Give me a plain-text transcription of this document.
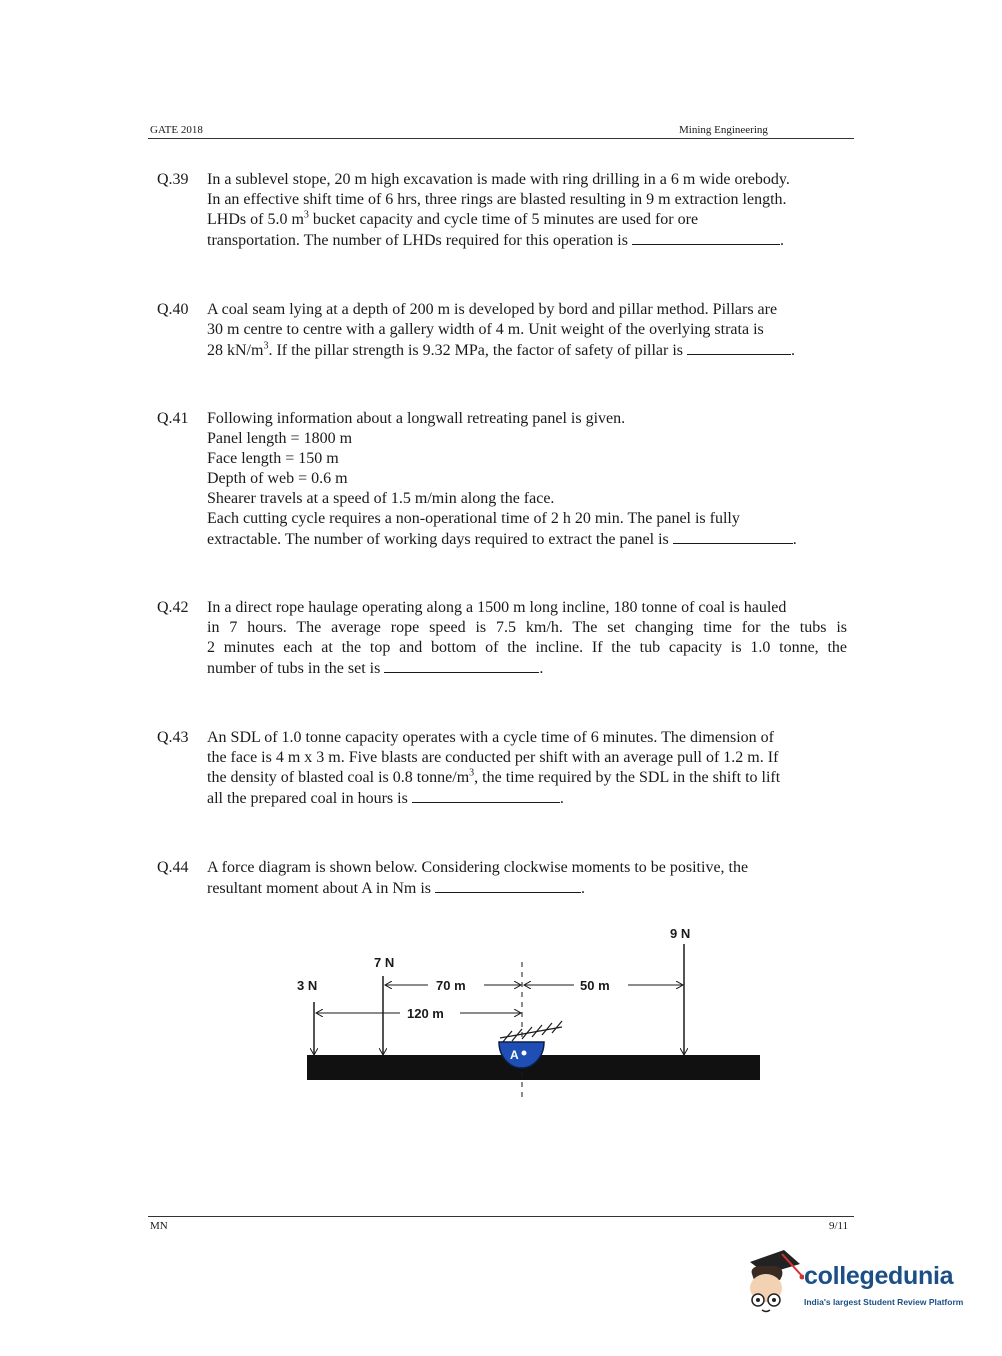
GATE 2018	Mining Engineering
Q.39 In a sublevel stope, 20 m high excavation is made with ring drilling in a 6 m wide orebody.
In an effective shift time of 6 hrs, three rings are blasted resulting in 9 m extraction length.
LHDs of 5.0 $m^3$ bucket capacity and cycle time of 5 minutes are used for ore
transportation. The number of LHDs required for this operation is	.
Q.40 A coal seam lying at a depth of 200 m is developed by bord and pillar method. Pillars are
30 m centre to centre with a gallery width of 4 m. Unit weight of the overlying strata is
28 $kN/m^3$. If the pillar strength is 9.32 MPa, the factor of safety of pillar is	.
Q.41 Following information about a longwall retreating panel is given.
Panel length = 1800 m
Face length = 150 m
Depth of web = 0.6 m
Shearer travels at a speed of 1.5 m/min along the face.
Each cutting cycle requires a non-operational time of 2 h 20 min. The panel is fully
extractable. The number of working days required to extract the panel is	.
Q.42 In a direct rope haulage operating along a 1500 m long incline, 180 tonne of coal is hauled
in 7 hours. The average rope speed is 7.5 km/h. The set changing time for the tubs is
2 minutes each at the top and bottom of the incline. If the tub capacity is 1.0 tonne, the
number of tubs in the set is	.
Q.43 An SDL of 1.0 tonne capacity operates with a cycle time of 6 minutes. The dimension of
the face is 4 m x 3 m. Five blasts are conducted per shift with an average pull of 1.2 m. If
the density of blasted coal is 0.8 tonne/$m^3$, the time required by the SDL in the shift to lift
all the prepared coal in hours is	.
Q.44 A force diagram is shown below. Considering clockwise moments to be positive, the
resultant moment about A in Nm is	.
3 N
7 N
9 N
70 m	50 m
120 m
A
MN	9/11
collegedunia
India's largest Student Review Platform
